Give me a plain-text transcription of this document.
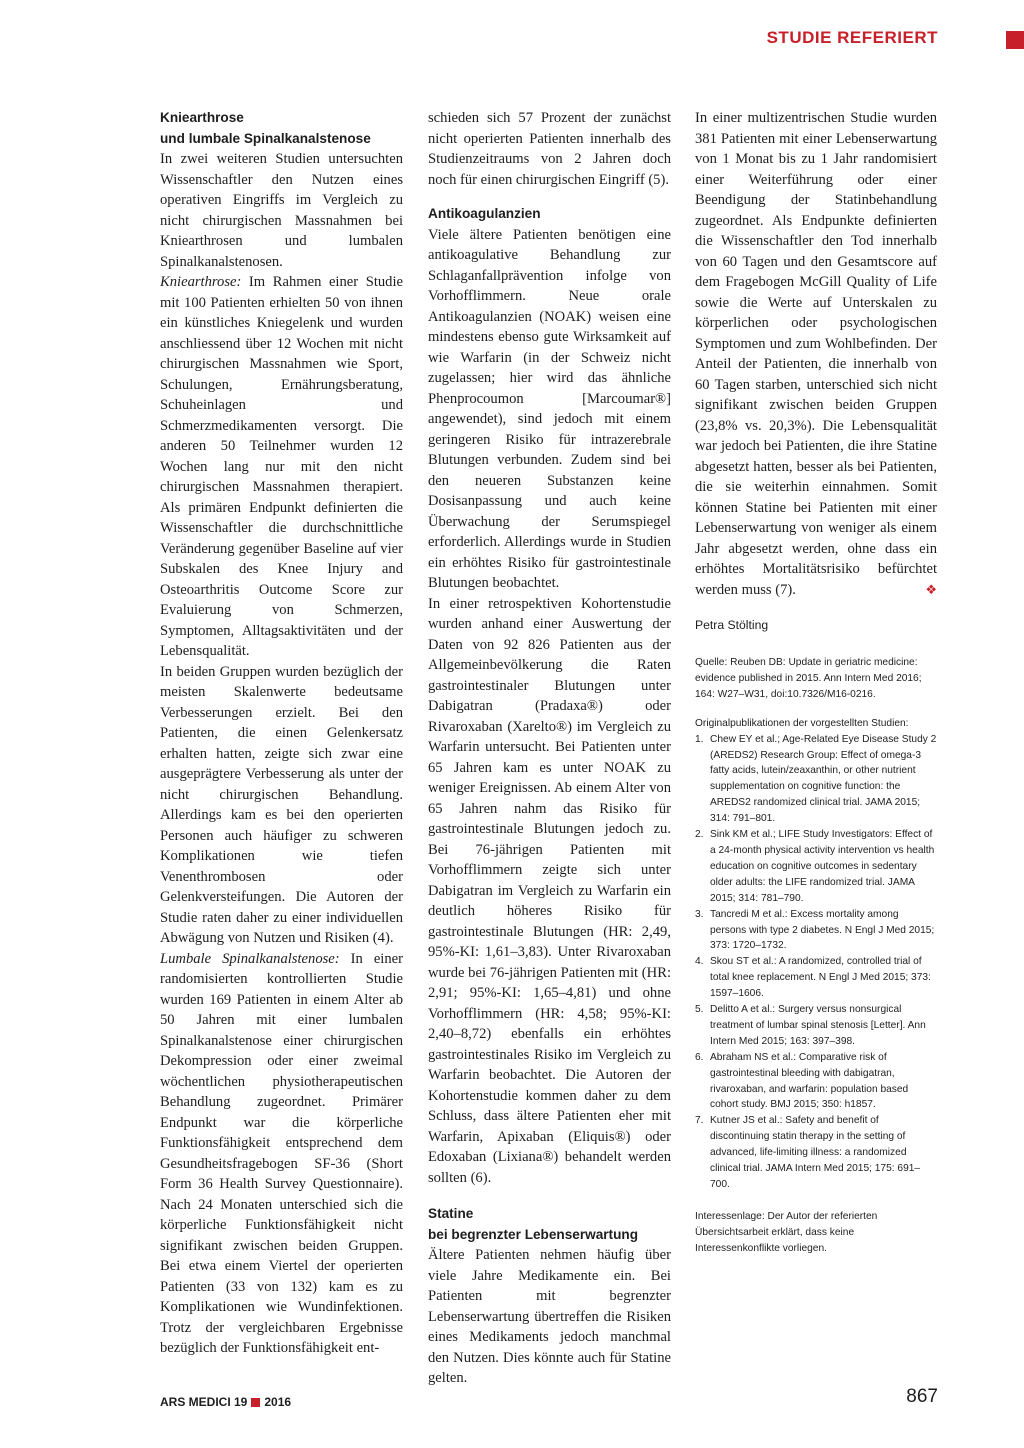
STUDIE REFERIERT

Kniearthrose
und lumbale Spinalkanalstenose

In zwei weiteren Studien untersuchten Wissenschaftler den Nutzen eines operativen Eingriffs im Vergleich zu nicht chirurgischen Massnahmen bei Kniearthrosen und lumbalen Spinalkanalstenosen.

Kniearthrose: Im Rahmen einer Studie mit 100 Patienten erhielten 50 von ihnen ein künstliches Kniegelenk und wurden anschliessend über 12 Wochen mit nicht chirurgischen Massnahmen wie Sport, Schulungen, Ernährungsberatung, Schuheinlagen und Schmerzmedikamenten versorgt. Die anderen 50 Teilnehmer wurden 12 Wochen lang nur mit den nicht chirurgischen Massnahmen therapiert. Als primären Endpunkt definierten die Wissenschaftler die durchschnittliche Veränderung gegenüber Baseline auf vier Subskalen des Knee Injury and Osteoarthritis Outcome Score zur Evaluierung von Schmerzen, Symptomen, Alltagsaktivitäten und der Lebensqualität.

In beiden Gruppen wurden bezüglich der meisten Skalenwerte bedeutsame Verbesserungen erzielt. Bei den Patienten, die einen Gelenkersatz erhalten hatten, zeigte sich zwar eine ausgeprägtere Verbesserung als unter der nicht chirurgischen Behandlung. Allerdings kam es bei den operierten Personen auch häufiger zu schweren Komplikationen wie tiefen Venenthrombosen oder Gelenkversteifungen. Die Autoren der Studie raten daher zu einer individuellen Abwägung von Nutzen und Risiken (4).

Lumbale Spinalkanalstenose: In einer randomisierten kontrollierten Studie wurden 169 Patienten in einem Alter ab 50 Jahren mit einer lumbalen Spinalkanalstenose einer chirurgischen Dekompression oder einer zweimal wöchentlichen physiotherapeutischen Behandlung zugeordnet. Primärer Endpunkt war die körperliche Funktionsfähigkeit entsprechend dem Gesundheitsfragebogen SF-36 (Short Form 36 Health Survey Questionnaire). Nach 24 Monaten unterschied sich die körperliche Funktionsfähigkeit nicht signifikant zwischen beiden Gruppen. Bei etwa einem Viertel der operierten Patienten (33 von 132) kam es zu Komplikationen wie Wundinfektionen. Trotz der vergleichbaren Ergebnisse bezüglich der Funktionsfähigkeit ent-

schieden sich 57 Prozent der zunächst nicht operierten Patienten innerhalb des Studienzeitraums von 2 Jahren doch noch für einen chirurgischen Eingriff (5).

Antikoagulanzien

Viele ältere Patienten benötigen eine antikoagulative Behandlung zur Schlaganfallprävention infolge von Vorhofflimmern. Neue orale Antikoagulanzien (NOAK) weisen eine mindestens ebenso gute Wirksamkeit auf wie Warfarin (in der Schweiz nicht zugelassen; hier wird das ähnliche Phenprocoumon [Marcoumar®] angewendet), sind jedoch mit einem geringeren Risiko für intrazerebrale Blutungen verbunden. Zudem sind bei den neueren Substanzen keine Dosisanpassung und auch keine Überwachung der Serumspiegel erforderlich. Allerdings wurde in Studien ein erhöhtes Risiko für gastrointestinale Blutungen beobachtet.

In einer retrospektiven Kohortenstudie wurden anhand einer Auswertung der Daten von 92 826 Patienten aus der Allgemeinbevölkerung die Raten gastrointestinaler Blutungen unter Dabigatran (Pradaxa®) oder Rivaroxaban (Xarelto®) im Vergleich zu Warfarin untersucht. Bei Patienten unter 65 Jahren kam es unter NOAK zu weniger Ereignissen. Ab einem Alter von 65 Jahren nahm das Risiko für gastrointestinale Blutungen jedoch zu. Bei 76-jährigen Patienten mit Vorhofflimmern zeigte sich unter Dabigatran im Vergleich zu Warfarin ein deutlich höheres Risiko für gastrointestinale Blutungen (HR: 2,49, 95%-KI: 1,61–3,83). Unter Rivaroxaban wurde bei 76-jährigen Patienten mit (HR: 2,91; 95%-KI: 1,65–4,81) und ohne Vorhofflimmern (HR: 4,58; 95%-KI: 2,40–8,72) ebenfalls ein erhöhtes gastrointestinales Risiko im Vergleich zu Warfarin beobachtet. Die Autoren der Kohortenstudie kommen daher zu dem Schluss, dass ältere Patienten eher mit Warfarin, Apixaban (Eliquis®) oder Edoxaban (Lixiana®) behandelt werden sollten (6).

Statine
bei begrenzter Lebenserwartung

Ältere Patienten nehmen häufig über viele Jahre Medikamente ein. Bei Patienten mit begrenzter Lebenserwartung übertreffen die Risiken eines Medikaments jedoch manchmal den Nutzen. Dies könnte auch für Statine gelten.

In einer multizentrischen Studie wurden 381 Patienten mit einer Lebenserwartung von 1 Monat bis zu 1 Jahr randomisiert einer Weiterführung oder einer Beendigung der Statinbehandlung zugeordnet. Als Endpunkte definierten die Wissenschaftler den Tod innerhalb von 60 Tagen und den Gesamtscore auf dem Fragebogen McGill Quality of Life sowie die Werte auf Unterskalen zu körperlichen oder psychologischen Symptomen und zum Wohlbefinden. Der Anteil der Patienten, die innerhalb von 60 Tagen starben, unterschied sich nicht signifikant zwischen beiden Gruppen (23,8% vs. 20,3%). Die Lebensqualität war jedoch bei Patienten, die ihre Statine abgesetzt hatten, besser als bei Patienten, die sie weiterhin einnahmen. Somit können Statine bei Patienten mit einer Lebenserwartung von weniger als einem Jahr abgesetzt werden, ohne dass ein erhöhtes Mortalitätsrisiko befürchtet werden muss (7).	❖

Petra Stölting

Quelle: Reuben DB: Update in geriatric medicine: evidence published in 2015. Ann Intern Med 2016; 164: W27–W31, doi:10.7326/M16-0216.

Originalpublikationen der vorgestellten Studien:

1. Chew EY et al.; Age-Related Eye Disease Study 2 (AREDS2) Research Group: Effect of omega-3 fatty acids, lutein/zeaxanthin, or other nutrient supplementation on cognitive function: the AREDS2 randomized clinical trial. JAMA 2015; 314: 791–801.
2. Sink KM et al.; LIFE Study Investigators: Effect of a 24-month physical activity intervention vs health education on cognitive outcomes in sedentary older adults: the LIFE randomized trial. JAMA 2015; 314: 781–790.
3. Tancredi M et al.: Excess mortality among persons with type 2 diabetes. N Engl J Med 2015; 373: 1720–1732.
4. Skou ST et al.: A randomized, controlled trial of total knee replacement. N Engl J Med 2015; 373: 1597–1606.
5. Delitto A et al.: Surgery versus nonsurgical treatment of lumbar spinal stenosis [Letter]. Ann Intern Med 2015; 163: 397–398.
6. Abraham NS et al.: Comparative risk of gastrointestinal bleeding with dabigatran, rivaroxaban, and warfarin: population based cohort study. BMJ 2015; 350: h1857.
7. Kutner JS et al.: Safety and benefit of discontinuing statin therapy in the setting of advanced, life-limiting illness: a randomized clinical trial. JAMA Intern Med 2015; 175: 691–700.

Interessenlage: Der Autor der referierten Übersichtsarbeit erklärt, dass keine Interessenkonflikte vorliegen.

ARS MEDICI 19 2016	867
